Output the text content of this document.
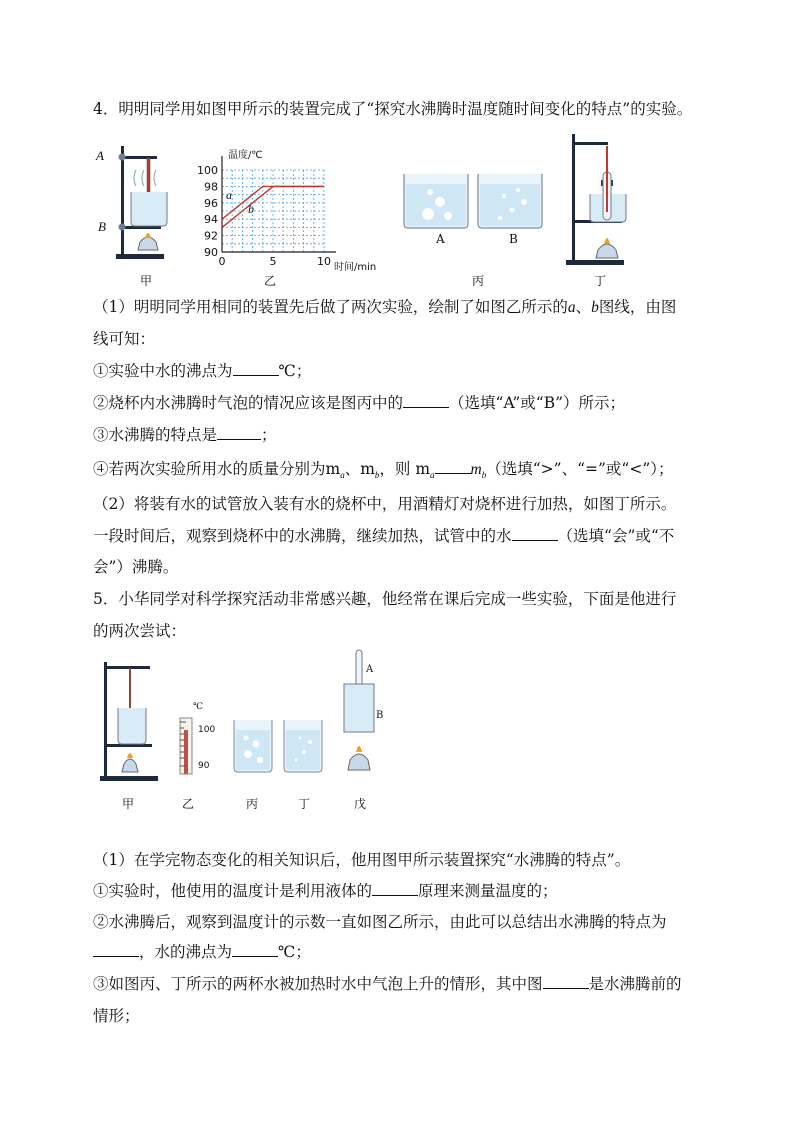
4．明明同学用如图甲所示的装置完成了“探究水沸腾时温度随时间变化的特点”的实验。
A
B
甲
100
98
96
94
92
90
0	5	10
温度/℃
时间/min
a
b
乙
A	B
丙	丁
（1）明明同学用相同的装置先后做了两次实验，绘制了如图乙所示的a、b图线，由图
线可知：
①实验中水的沸点为	℃；
②烧杯内水沸腾时气泡的情况应该是图丙中的	（选填“A”或“B”）所示；
③水沸腾的特点是	；
④若两次实验所用水的质量分别为$m_a$、$m_b$，则 $m_a$ $m_b$（选填“>”、“=”或“<”）；
（2）将装有水的试管放入装有水的烧杯中，用酒精灯对烧杯进行加热，如图丁所示。
一段时间后，观察到烧杯中的水沸腾，继续加热，试管中的水	（选填“会”或“不
会”）沸腾。
5．小华同学对科学探究活动非常感兴趣，他经常在课后完成一些实验，下面是他进行
的两次尝试：
甲
℃
100
90
乙	丙	丁
A
B
戊
（1）在学完物态变化的相关知识后，他用图甲所示装置探究“水沸腾的特点”。
①实验时，他使用的温度计是利用液体的	原理来测量温度的；
②水沸腾后，观察到温度计的示数一直如图乙所示，由此可以总结出水沸腾的特点为
，水的沸点为	℃；
③如图丙、丁所示的两杯水被加热时水中气泡上升的情形，其中图	是水沸腾前的
情形；
